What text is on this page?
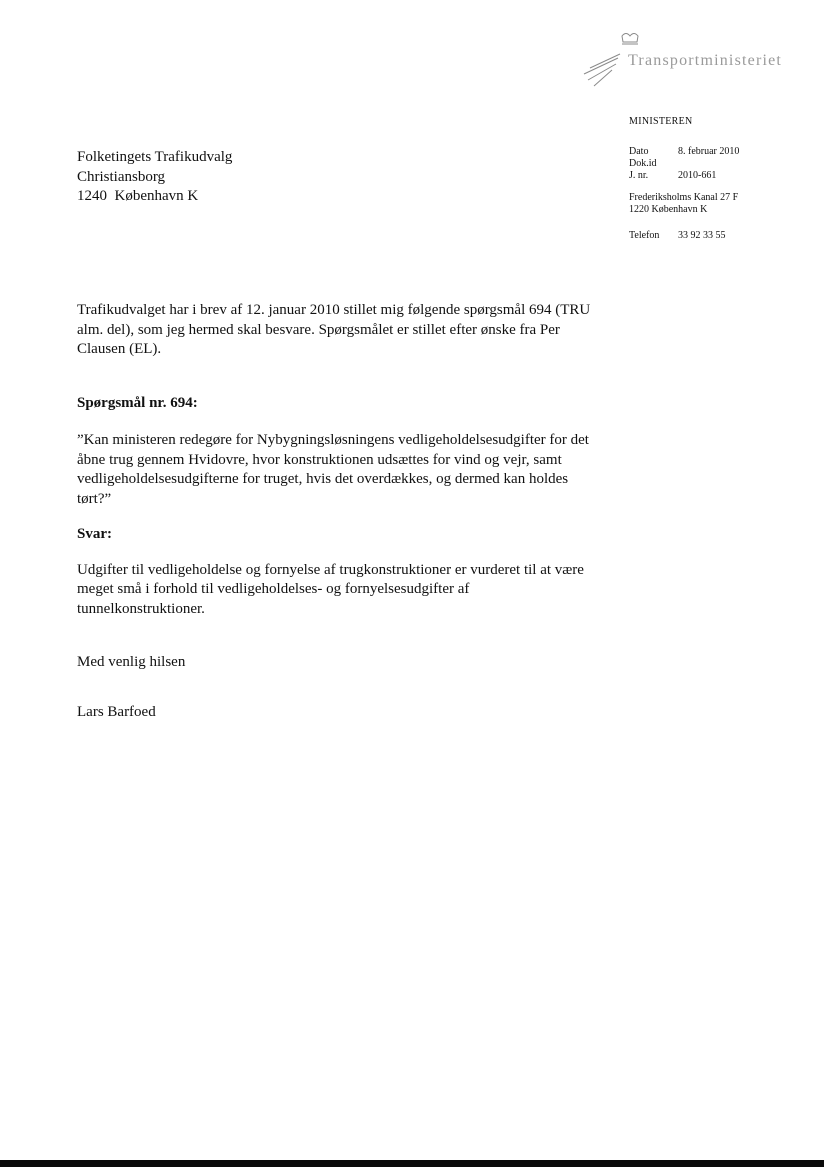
Transportministeriet
MINISTEREN
Dato	8. februar 2010
Dok.id
J. nr.	2010-661
Frederiksholms Kanal 27 F
1220 København K
Telefon	33 92 33 55
Folketingets Trafikudvalg
Christiansborg
1240  København K

Trafikudvalget har i brev af 12. januar 2010 stillet mig følgende spørgsmål 694 (TRU alm. del), som jeg hermed skal besvare. Spørgsmålet er stillet efter ønske fra Per Clausen (EL).

Spørgsmål nr. 694:

”Kan ministeren redegøre for Nybygningsløsningens vedligeholdelsesudgifter for det åbne trug gennem Hvidovre, hvor konstruktionen udsættes for vind og vejr, samt vedligeholdelsesudgifterne for truget, hvis det overdækkes, og dermed kan holdes tørt?”

Svar:

Udgifter til vedligeholdelse og fornyelse af trugkonstruktioner er vurderet til at være meget små i forhold til vedligeholdelses- og fornyelsesudgifter af tunnelkonstruktioner.

Med venlig hilsen

Lars Barfoed
